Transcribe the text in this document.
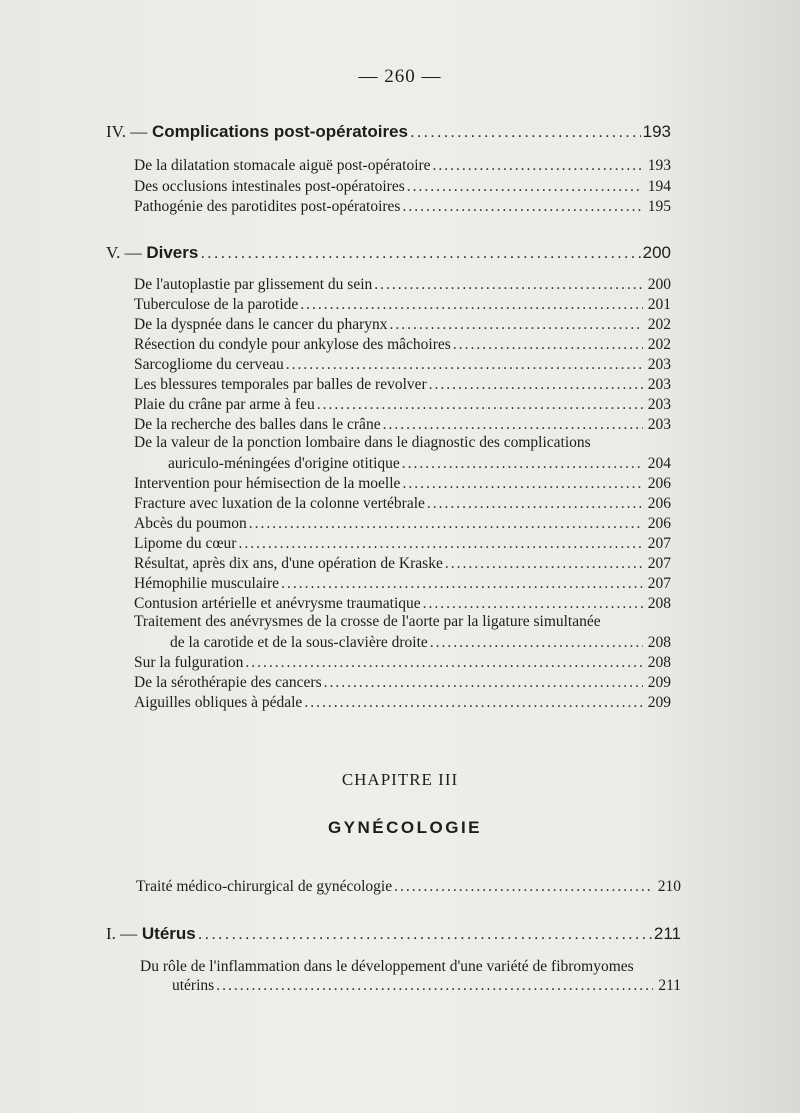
— 260 —
IV. — Complications post-opératoires .....	193
De la dilatation stomacale aiguë post-opératoire .....	193
Des occlusions intestinales post-opératoires .....	194
Pathogénie des parotidites post-opératoires .....	195
V. — Divers .....	200
De l'autoplastie par glissement du sein .....	200
Tuberculose de la parotide .....	201
De la dyspnée dans le cancer du pharynx .....	202
Résection du condyle pour ankylose des mâchoires .....	202
Sarcogliome du cerveau .....	203
Les blessures temporales par balles de revolver .....	203
Plaie du crâne par arme à feu .....	203
De la recherche des balles dans le crâne .....	203
De la valeur de la ponction lombaire dans le diagnostic des complications
auriculo-méningées d'origine otitique .....	204
Intervention pour hémisection de la moelle .....	206
Fracture avec luxation de la colonne vertébrale .....	206
Abcès du poumon .....	206
Lipome du cœur .....	207
Résultat, après dix ans, d'une opération de Kraske .....	207
Hémophilie musculaire .....	207
Contusion artérielle et anévrysme traumatique .....	208
Traitement des anévrysmes de la crosse de l'aorte par la ligature simultanée
de la carotide et de la sous-clavière droite .....	208
Sur la fulguration .....	208
De la sérothérapie des cancers .....	209
Aiguilles obliques à pédale .....	209
CHAPITRE III
GYNÉCOLOGIE
Traité médico-chirurgical de gynécologie .....	210
I. — Utérus .....	211
Du rôle de l'inflammation dans le développement d'une variété de fibromyomes
utérins .....	211
